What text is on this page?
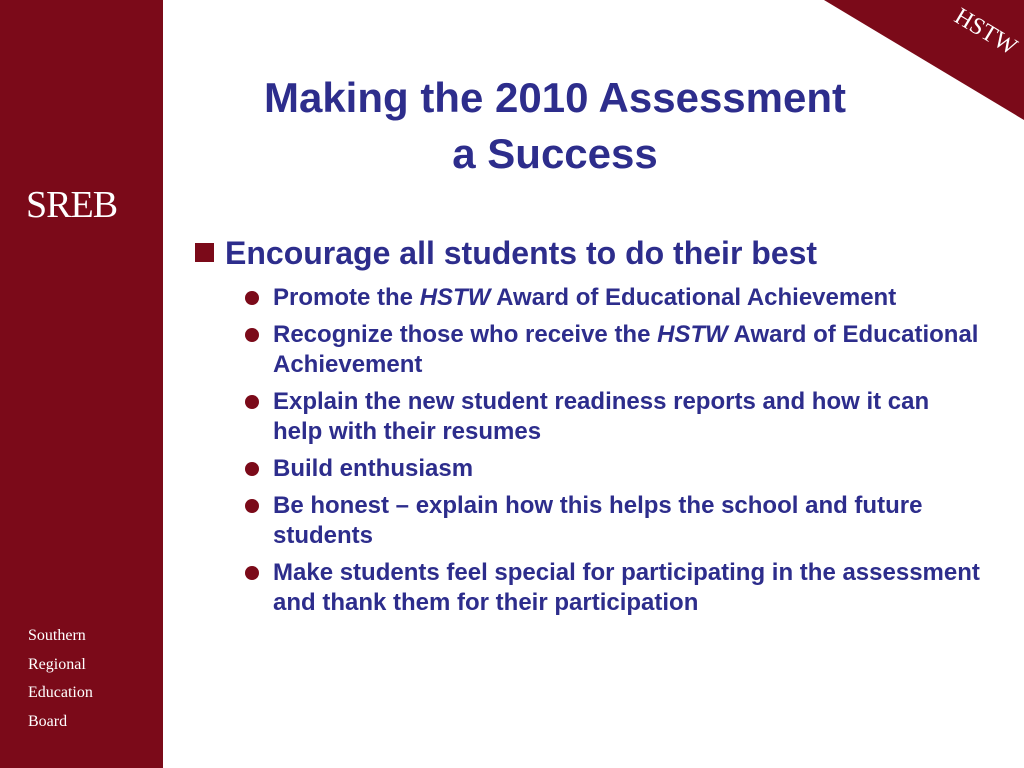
SREB
Southern
Regional
Education
Board
HSTW
Making the 2010 Assessment
a Success
Encourage all students to do their best
Promote the HSTW Award of Educational Achievement
Recognize those who receive the HSTW Award of Educational Achievement
Explain the new student readiness reports and how it can help with their resumes
Build enthusiasm
Be honest – explain how this helps the school and future students
Make students feel special for participating in the assessment and thank them for their participation
